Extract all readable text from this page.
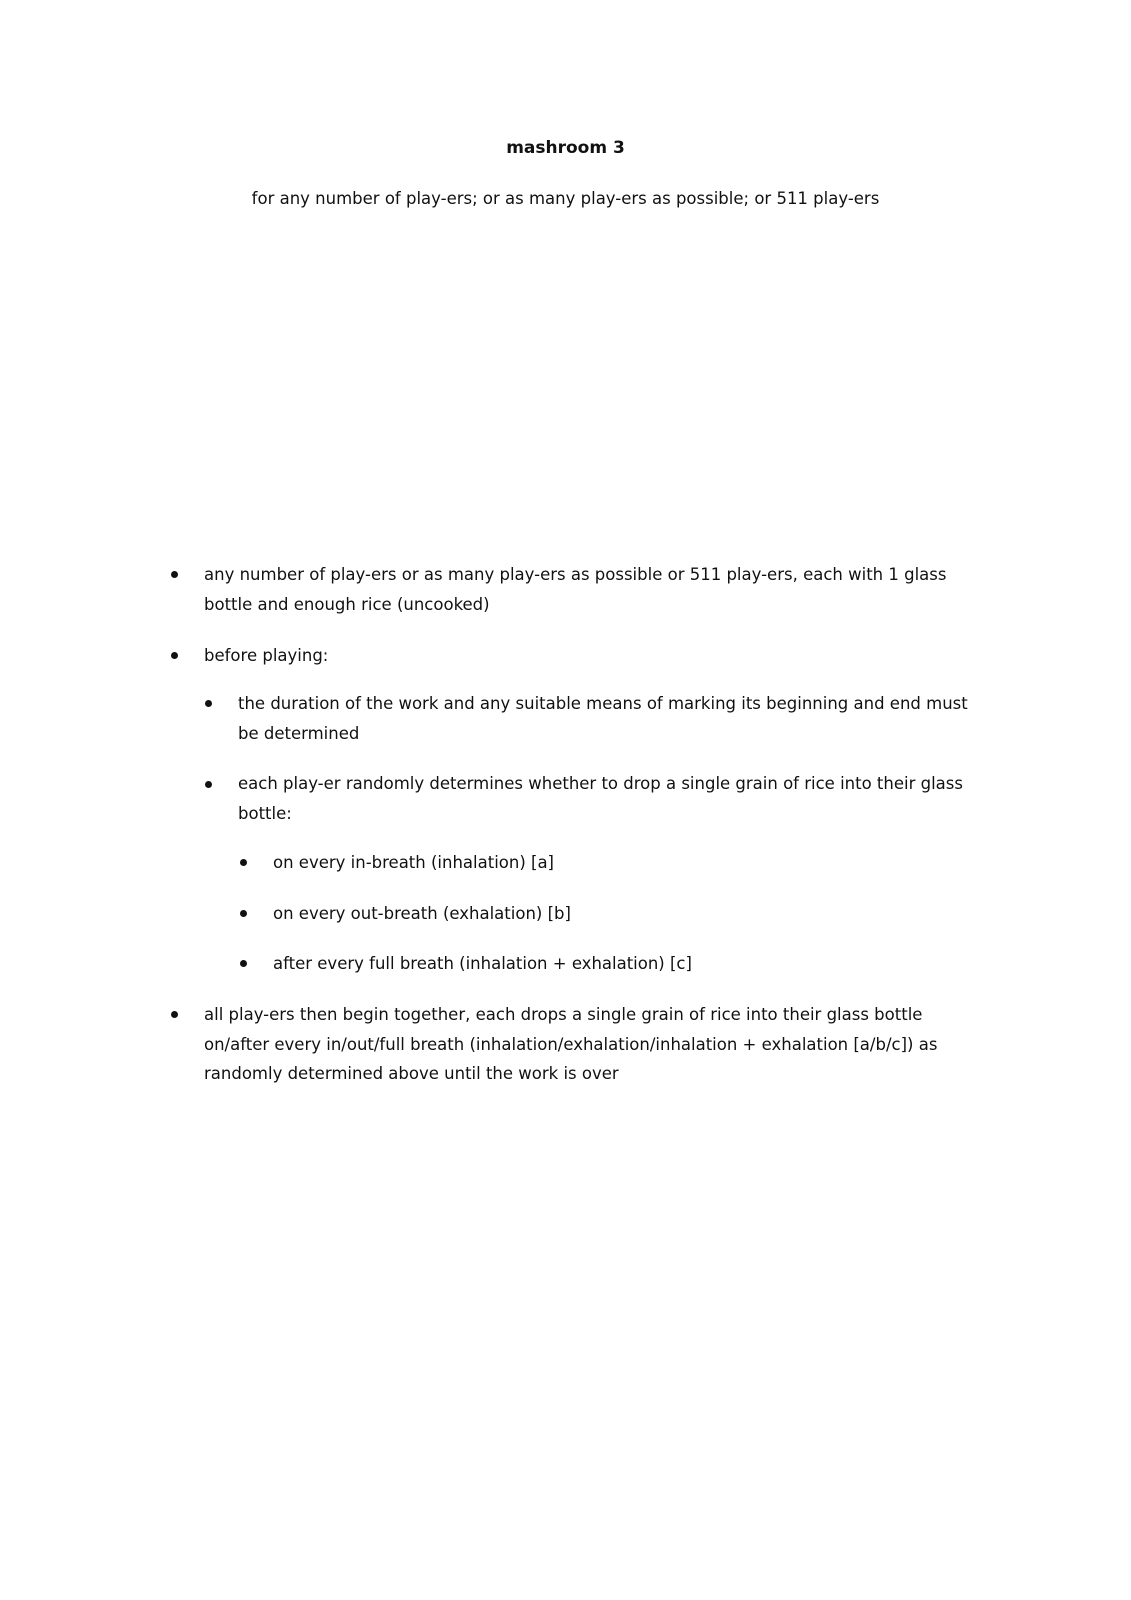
mashroom 3
for any number of play-ers; or as many play-ers as possible; or 511 play-ers
any number of play-ers or as many play-ers as possible or 511 play-ers, each with 1 glass
bottle and enough rice (uncooked)
before playing:
the duration of the work and any suitable means of marking its beginning and end must
be determined
each play-er randomly determines whether to drop a single grain of rice into their glass
bottle:
on every in-breath (inhalation) [a]
on every out-breath (exhalation) [b]
after every full breath (inhalation + exhalation) [c]
all play-ers then begin together, each drops a single grain of rice into their glass bottle
on/after every in/out/full breath (inhalation/exhalation/inhalation + exhalation [a/b/c]) as
randomly determined above until the work is over
